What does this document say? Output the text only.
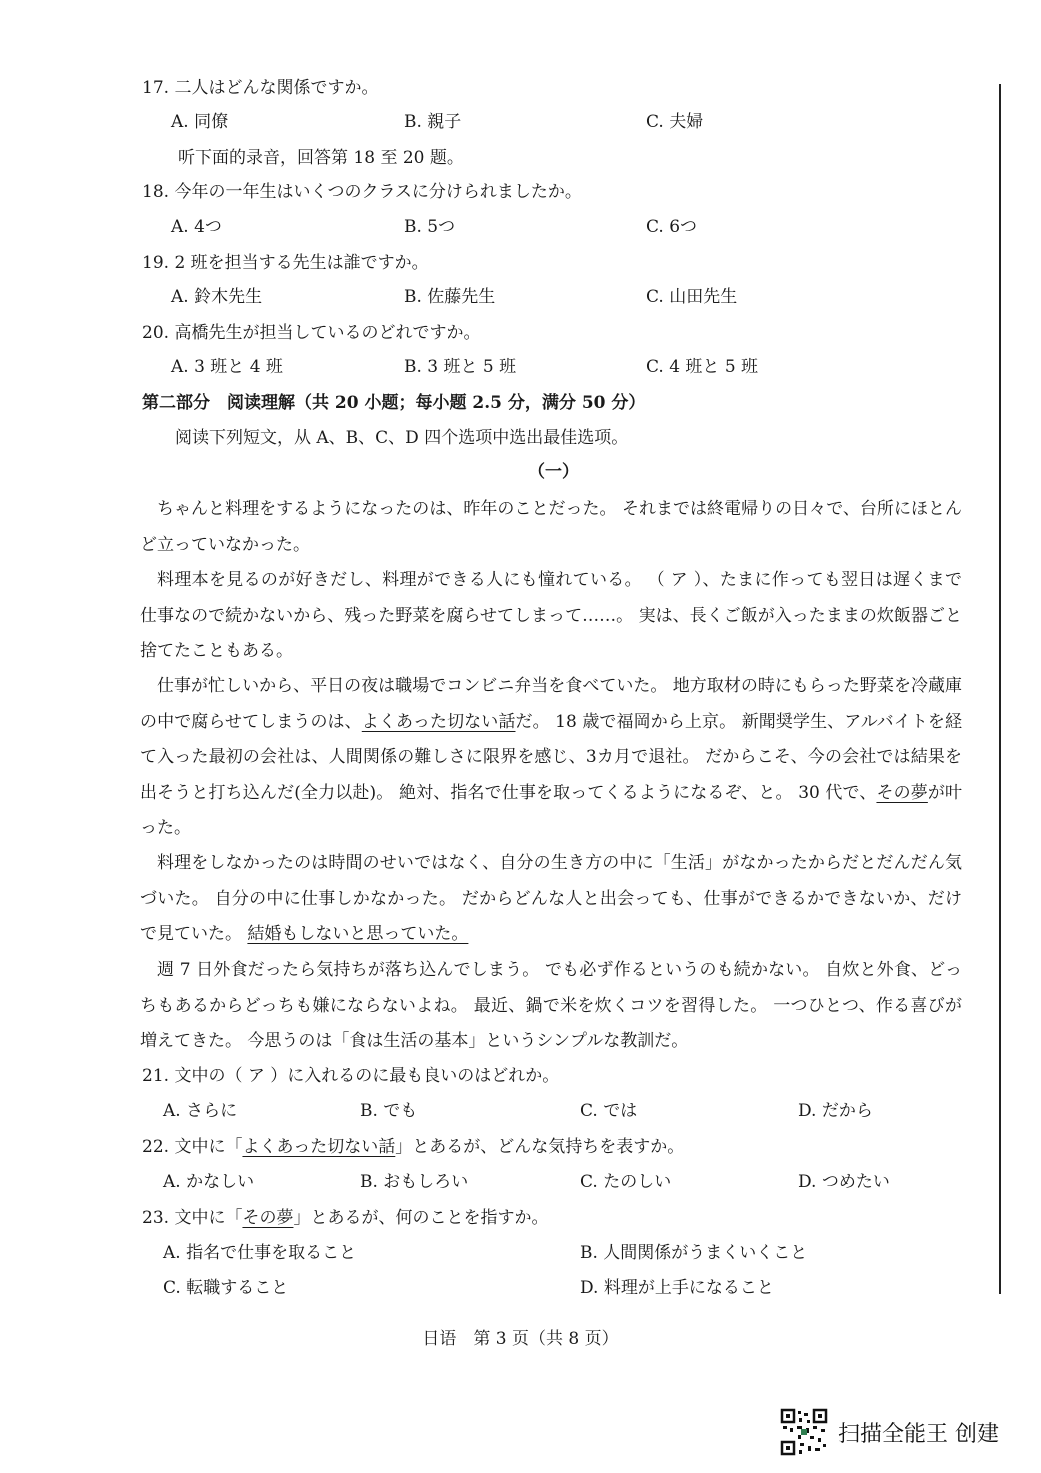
17. 二人はどんな関係ですか。
A. 同僚	B. 親子	C. 夫婦
听下面的录音，回答第 18 至 20 题。
18. 今年の一年生はいくつのクラスに分けられましたか。
A. 4つ	B. 5つ	C. 6つ
19. 2 班を担当する先生は誰ですか。
A. 鈴木先生	B. 佐藤先生	C. 山田先生
20. 高橋先生が担当しているのどれですか。
A. 3 班と 4 班	B. 3 班と 5 班	C. 4 班と 5 班
第二部分　阅读理解（共 20 小题；每小题 2.5 分，满分 50 分）
阅读下列短文，从 A、B、C、D 四个选项中选出最佳选项。
（一）
ちゃんと料理をするようになったのは、昨年のことだった。 それまでは終電帰りの日々で、台所にほとんど立っていなかった。
料理本を見るのが好きだし、料理ができる人にも憧れている。 （ ア ）、たまに作っても翌日は遅くまで仕事なので続かないから、残った野菜を腐らせてしまって……。 実は、長くご飯が入ったままの炊飯器ごと捨てたこともある。
仕事が忙しいから、平日の夜は職場でコンビニ弁当を食べていた。 地方取材の時にもらった野菜を冷蔵庫の中で腐らせてしまうのは、よくあった切ない話だ。 18 歳で福岡から上京。 新聞奨学生、アルバイトを経て入った最初の会社は、人間関係の難しさに限界を感じ、3カ月で退社。 だからこそ、今の会社では結果を出そうと打ち込んだ(全力以赴)。 絶対、指名で仕事を取ってくるようになるぞ、と。 30 代で、その夢が叶った。
料理をしなかったのは時間のせいではなく、自分の生き方の中に「生活」がなかったからだとだんだん気づいた。 自分の中に仕事しかなかった。 だからどんな人と出会っても、仕事ができるかできないか、だけで見ていた。 結婚もしないと思っていた。
週 7 日外食だったら気持ちが落ち込んでしまう。 でも必ず作るというのも続かない。 自炊と外食、どっちもあるからどっちも嫌にならないよね。 最近、鍋で米を炊くコツを習得した。 一つひとつ、作る喜びが増えてきた。 今思うのは「食は生活の基本」というシンプルな教訓だ。
21. 文中の（ ア ）に入れるのに最も良いのはどれか。
A. さらに	B. でも	C. では	D. だから
22. 文中に「よくあった切ない話」とあるが、どんな気持ちを表すか。
A. かなしい	B. おもしろい	C. たのしい	D. つめたい
23. 文中に「その夢」とあるが、何のことを指すか。
A. 指名で仕事を取ること	B. 人間関係がうまくいくこと
C. 転職すること	D. 料理が上手になること
日语　第 3 页（共 8 页）
扫描全能王 创建
